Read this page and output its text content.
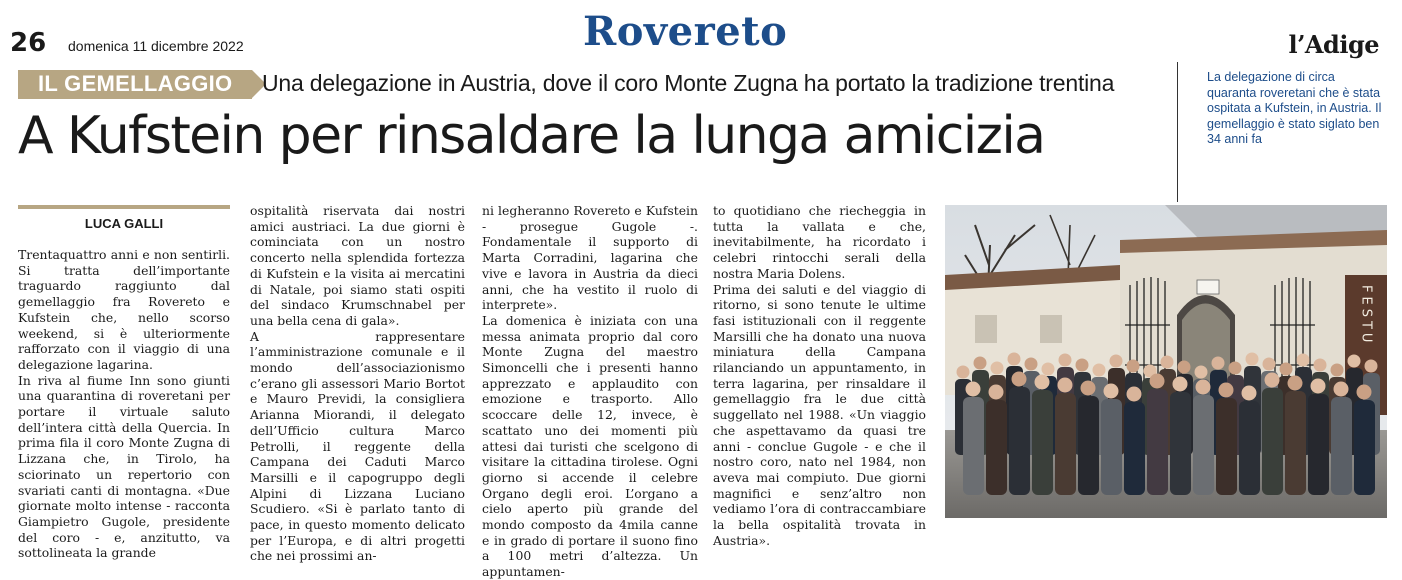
26 domenica 11 dicembre 2022	Rovereto	l’Adige
IL GEMELLAGGIO Una delegazione in Austria, dove il coro Monte Zugna ha portato la tradizione trentina
A Kufstein per rinsaldare la lunga amicizia
La delegazione di circa quaranta roveretani che è stata ospitata a Kufstein, in Austria. Il gemellaggio è stato siglato ben 34 anni fa
LUCA GALLI

Trentaquattro anni e non sentirli. Si tratta dell’importante traguardo raggiunto dal gemellaggio fra Rovereto e Kufstein che, nello scorso weekend, si è ulteriormente rafforzato con il viaggio di una delegazione lagarina.

In riva al fiume Inn sono giunti una quarantina di roveretani per portare il virtuale saluto dell’intera città della Quercia. In prima fila il coro Monte Zugna di Lizzana che, in Tirolo, ha sciorinato un repertorio con svariati canti di montagna. «Due giornate molto intense - racconta Giampietro Gugole, presidente del coro - e, anzitutto, va sottolineata la grande

ospitalità riservata dai nostri amici austriaci. La due giorni è cominciata con un nostro concerto nella splendida fortezza di Kufstein e la visita ai mercatini di Natale, poi siamo stati ospiti del sindaco Krumschnabel per una bella cena di gala».

A rappresentare l’amministrazione comunale e il mondo dell’associazionismo c’erano gli assessori Mario Bortot e Mauro Previdi, la consigliera Arianna Miorandi, il delegato dell’Ufficio cultura Marco Petrolli, il reggente della Campana dei Caduti Marco Marsilli e il capogruppo degli Alpini di Lizzana Luciano Scudiero. «Si è parlato tanto di pace, in questo momento delicato per l’Europa, e di altri progetti che nei prossimi an-

ni legheranno Rovereto e Kufstein - prosegue Gugole -. Fondamentale il supporto di Marta Corradini, lagarina che vive e lavora in Austria da dieci anni, che ha vestito il ruolo di interprete».

La domenica è iniziata con una messa animata proprio dal coro Monte Zugna del maestro Simoncelli che i presenti hanno apprezzato e applaudito con emozione e trasporto. Allo scoccare delle 12, invece, è scattato uno dei momenti più attesi dai turisti che scelgono di visitare la cittadina tirolese. Ogni giorno si accende il celebre Organo degli eroi. L’organo a cielo aperto più grande del mondo composto da 4mila canne e in grado di portare il suono fino a 100 metri d’altezza. Un appuntamen-

to quotidiano che riecheggia in tutta la vallata e che, inevitabilmente, ha ricordato i celebri rintocchi serali della nostra Maria Dolens.

Prima dei saluti e del viaggio di ritorno, si sono tenute le ultime fasi istituzionali con il reggente Marsilli che ha donato una nuova miniatura della Campana rilanciando un appuntamento, in terra lagarina, per rinsaldare il gemellaggio fra le due città suggellato nel 1988. «Un viaggio che aspettavamo da quasi tre anni - conclue Gugole - e che il nostro coro, nato nel 1984, non aveva mai compiuto. Due giorni magnifici e senz’altro non vediamo l’ora di contraccambiare la bella ospitalità trovata in Austria».

FESTU
